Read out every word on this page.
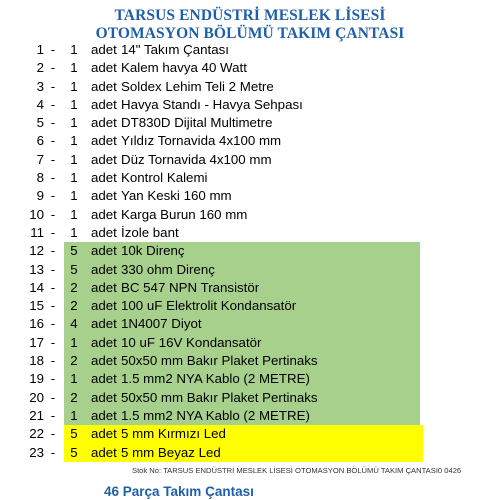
TARSUS ENDÜSTRİ MESLEK LİSESİ
OTOMASYON BÖLÜMÜ TAKIM ÇANTASI
1 - 1 adet 14" Takım Çantası
2 - 1 adet Kalem havya 40 Watt
3 - 1 adet Soldex Lehim Teli 2 Metre
4 - 1 adet Havya Standı - Havya Sehpası
5 - 1 adet DT830D Dijital Multimetre
6 - 1 adet Yıldız Tornavida 4x100 mm
7 - 1 adet Düz Tornavida 4x100 mm
8 - 1 adet Kontrol Kalemi
9 - 1 adet Yan Keski 160 mm
10 - 1 adet Karga Burun 160 mm
11 - 1 adet İzole bant
12 - 5 adet 10k Direnç
13 - 5 adet 330 ohm Direnç
14 - 2 adet BC 547 NPN Transistör
15 - 2 adet 100 uF Elektrolit Kondansatör
16 - 4 adet 1N4007 Diyot
17 - 1 adet 10 uF 16V Kondansatör
18 - 2 adet 50x50 mm Bakır Plaket Pertinaks
19 - 1 adet 1.5 mm2 NYA Kablo (2 METRE)
20 - 2 adet 50x50 mm Bakır Plaket Pertinaks
21 - 1 adet 1.5 mm2 NYA Kablo (2 METRE)
22 - 5 adet 5 mm Kırmızı Led
23 - 5 adet 5 mm Beyaz Led
Stok No: TARSUS ENDÜSTRİ MESLEK LİSESİ OTOMASYON BÖLÜMÜ TAKIM ÇANTASI0 0426
46 Parça Takım Çantası
